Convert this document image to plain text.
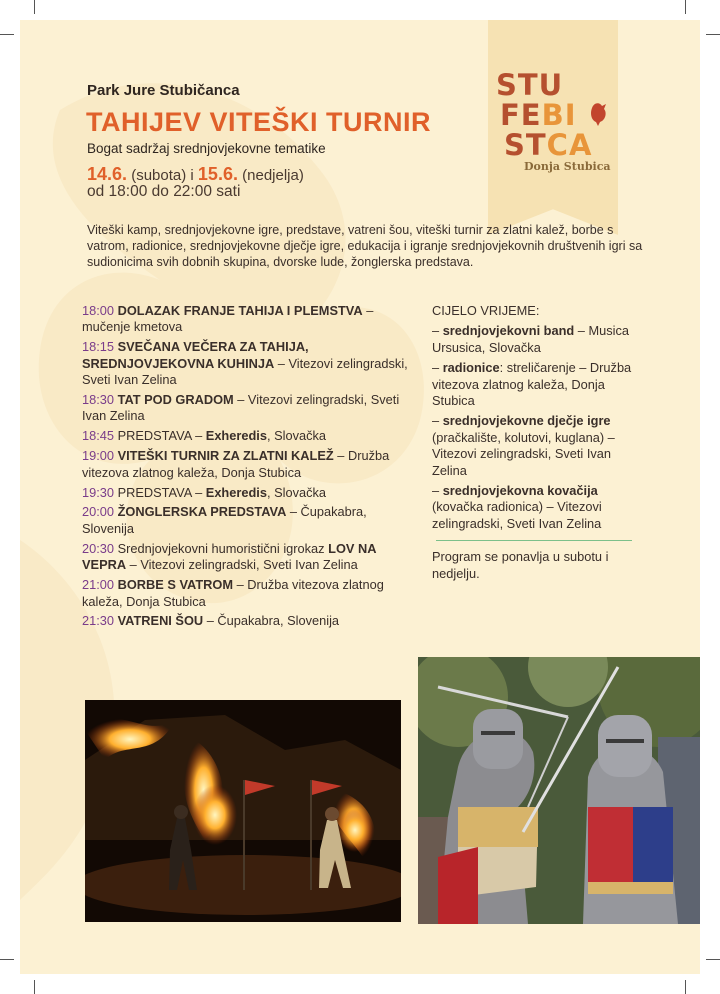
STU
FEBI
STCA
Donja Stubica
Park Jure Stubičanca
TAHIJEV VITEŠKI TURNIR
Bogat sadržaj srednjovjekovne tematike
14.6. (subota) i 15.6. (nedjelja)
od 18:00 do 22:00 sati
Viteški kamp, srednjovjekovne igre, predstave, vatreni šou, viteški turnir za zlatni kalež, borbe s vatrom, radionice, srednjovjekovne dječje igre, edukacija i igranje srednjovjekovnih društvenih igri sa sudionicima svih dobnih skupina, dvorske lude, žonglerska predstava.
18:00 DOLAZAK FRANJE TAHIJA I PLEMSTVA – mučenje kmetova
18:15 SVEČANA VEČERA ZA TAHIJA, SREDNJOVJEKOVNA KUHINJA – Vitezovi zelingradski, Sveti Ivan Zelina
18:30 TAT POD GRADOM – Vitezovi zelingradski, Sveti Ivan Zelina
18:45 PREDSTAVA – Exheredis, Slovačka
19:00 VITEŠKI TURNIR ZA ZLATNI KALEŽ – Družba vitezova zlatnog kaleža, Donja Stubica
19:30 PREDSTAVA – Exheredis, Slovačka
20:00 ŽONGLERSKA PREDSTAVA – Čupakabra, Slovenija
20:30 Srednjovjekovni humoristični igrokaz LOV NA VEPRA – Vitezovi zelingradski, Sveti Ivan Zelina
21:00 BORBE S VATROM – Družba vitezova zlatnog kaleža, Donja Stubica
21:30 VATRENI ŠOU – Čupakabra, Slovenija
CIJELO VRIJEME:
– srednjovjekovni band – Musica Ursusica, Slovačka
– radionice: streličarenje – Družba vitezova zlatnog kaleža, Donja Stubica
– srednjovjekovne dječje igre (pračkalište, kolutovi, kuglana) – Vitezovi zelingradski, Sveti Ivan Zelina
– srednjovjekovna kovačija (kovačka radionica) – Vitezovi zelingradski, Sveti Ivan Zelina
Program se ponavlja u subotu i nedjelju.
